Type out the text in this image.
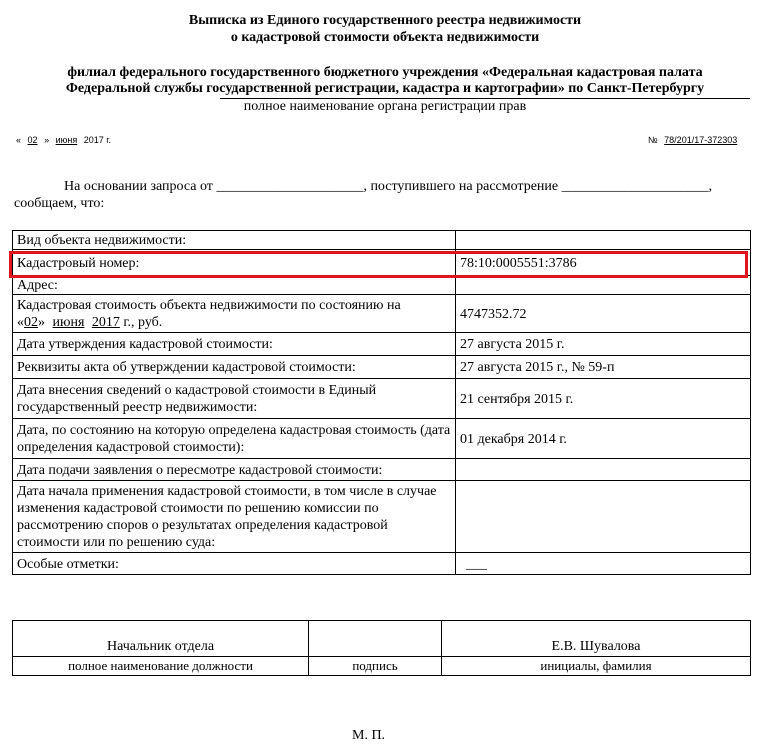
Выписка из Единого государственного реестра недвижимости
о кадастровой стоимости объекта недвижимости
филиал федерального государственного бюджетного учреждения «Федеральная кадастровая палата
Федеральной службы государственной регистрации, кадастра и картографии» по Санкт-Петербургу
полное наименование органа регистрации прав
« 02 » июня 2017 г.	№ 78/201/17-372303
На основании запроса от _____________________, поступившего на рассмотрение _____________________,
сообщаем, что:
Вид объекта недвижимости:	
Кадастровый номер:	78:10:0005551:3786
Адрес:	

Кадастровая стоимость объекта недвижимости по состоянию на
«02» июня 2017 г., руб.	4747352.72
Дата утверждения кадастровой стоимости:	27 августа 2015 г.
Реквизиты акта об утверждении кадастровой стоимости:	27 августа 2015 г., № 59-п
Дата внесения сведений о кадастровой стоимости в Единый государственный реестр недвижимости:	21 сентября 2015 г.
Дата, по состоянию на которую определена кадастровая стоимость (дата определения кадастровой стоимости):	01 декабря 2014 г.
Дата подачи заявления о пересмотре кадастровой стоимости:	
Дата начала применения кадастровой стоимости, в том числе в случае изменения кадастровой стоимости по решению комиссии по рассмотрению споров о результатах определения кадастровой стоимости или по решению суда:	
Особые отметки:	___
Начальник отдела		Е.В. Шувалова
полное наименование должности	подпись	инициалы, фамилия
М. П.
